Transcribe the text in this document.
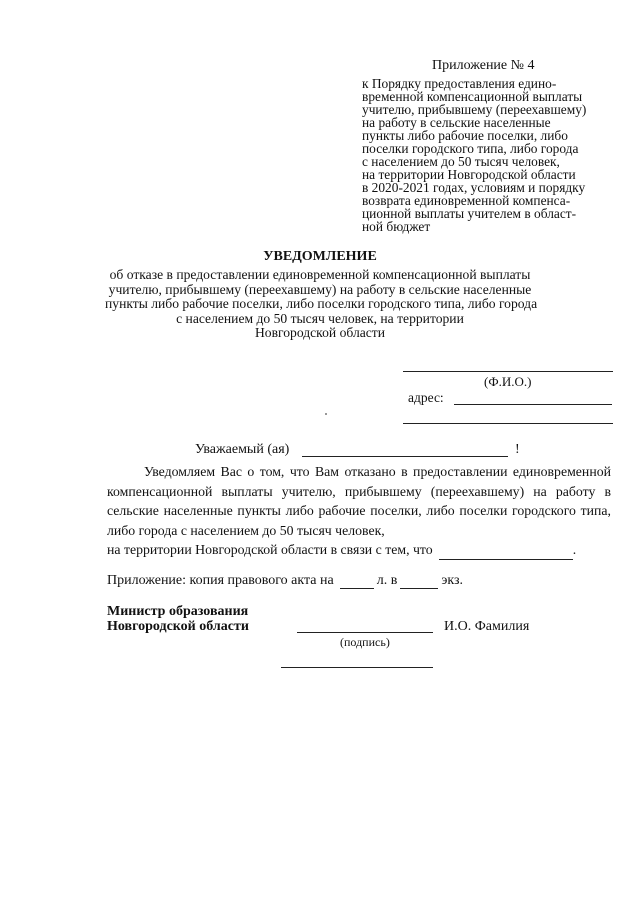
Приложение № 4
к Порядку предоставления едино-
временной компенсационной выплаты
учителю, прибывшему (переехавшему)
на работу в сельские населенные
пункты либо рабочие поселки, либо
поселки городского типа, либо города
с населением до 50 тысяч человек,
на территории Новгородской области
в 2020-2021 годах, условиям и порядку
возврата единовременной компенса-
ционной выплаты учителем в област-
ной бюджет
УВЕДОМЛЕНИЕ
об отказе в предоставлении единовременной компенсационной выплаты
учителю, прибывшему (переехавшему) на работу в сельские населенные
пункты либо рабочие поселки, либо поселки городского типа, либо города
с населением до 50 тысяч человек, на территории
Новгородской области
(Ф.И.О.)
адрес:
Уважаемый (ая)	!

Уведомляем Вас о том, что Вам отказано в предоставлении единовременной компенсационной выплаты учителю, прибывшему (переехавшему) на работу в сельские населенные пункты либо рабочие поселки, либо поселки городского типа, либо города с населением до 50 тысяч человек,

на территории Новгородской области в связи с тем, что	.

Приложение: копия правового акта на	л. в	экз.
Министр образования
Новгородской области	И.О. Фамилия
(подпись)
